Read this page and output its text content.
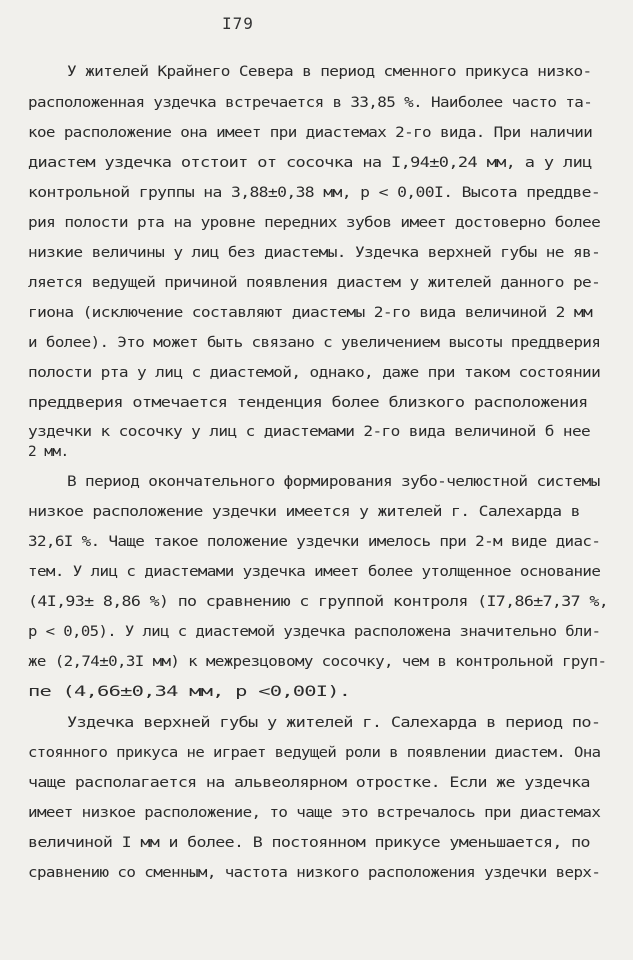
I79
У жителей Крайнего Севера в период сменного прикуса низко-
расположенная уздечка встречается в 33,85 %. Наиболее часто та-
кое расположение она имеет при диастемах 2-го вида. При наличии
диастем уздечка отстоит от сосочка на I,94±0,24 мм, а у лиц
контрольной группы на 3,88±0,38 мм, р < 0,00I. Высота преддве-
рия полости рта на уровне передних зубов имеет достоверно более
низкие величины у лиц без диастемы. Уздечка верхней губы не яв-
ляется ведущей причиной появления диастем у жителей данного ре-
гиона (исключение составляют диастемы 2-го вида величиной 2 мм
и более). Это может быть связано с увеличением высоты преддверия
полости рта у лиц с диастемой, однако, даже при таком состоянии
преддверия отмечается тенденция более близкого расположения
уздечки к сосочку у лиц с диастемами 2-го вида величиной б нее
2 мм.
В период окончательного формирования зубо-челюстной системы
низкое расположение уздечки имеется у жителей г. Салехарда в
32,6I %. Чаще такое положение уздечки имелось при 2-м виде диас-
тем. У лиц с диастемами уздечка имеет более утолщенное основание
(4I,93± 8,86 %) по сравнению с группой контроля (I7,86±7,37 %,
р < 0,05). У лиц с диастемой уздечка расположена значительно бли-
же (2,74±0,3I мм) к межрезцовому сосочку, чем в контрольной груп-
пе (4,66±0,34 мм, р <0,00I).
Уздечка верхней губы у жителей г. Салехарда в период по-
стоянного прикуса не играет ведущей роли в появлении диастем. Она
чаще располагается на альвеолярном отростке. Если же уздечка
имеет низкое расположение, то чаще это встречалось при диастемах
величиной I мм и более. В постоянном прикусе уменьшается, по
сравнению со сменным, частота низкого расположения уздечки верх-
